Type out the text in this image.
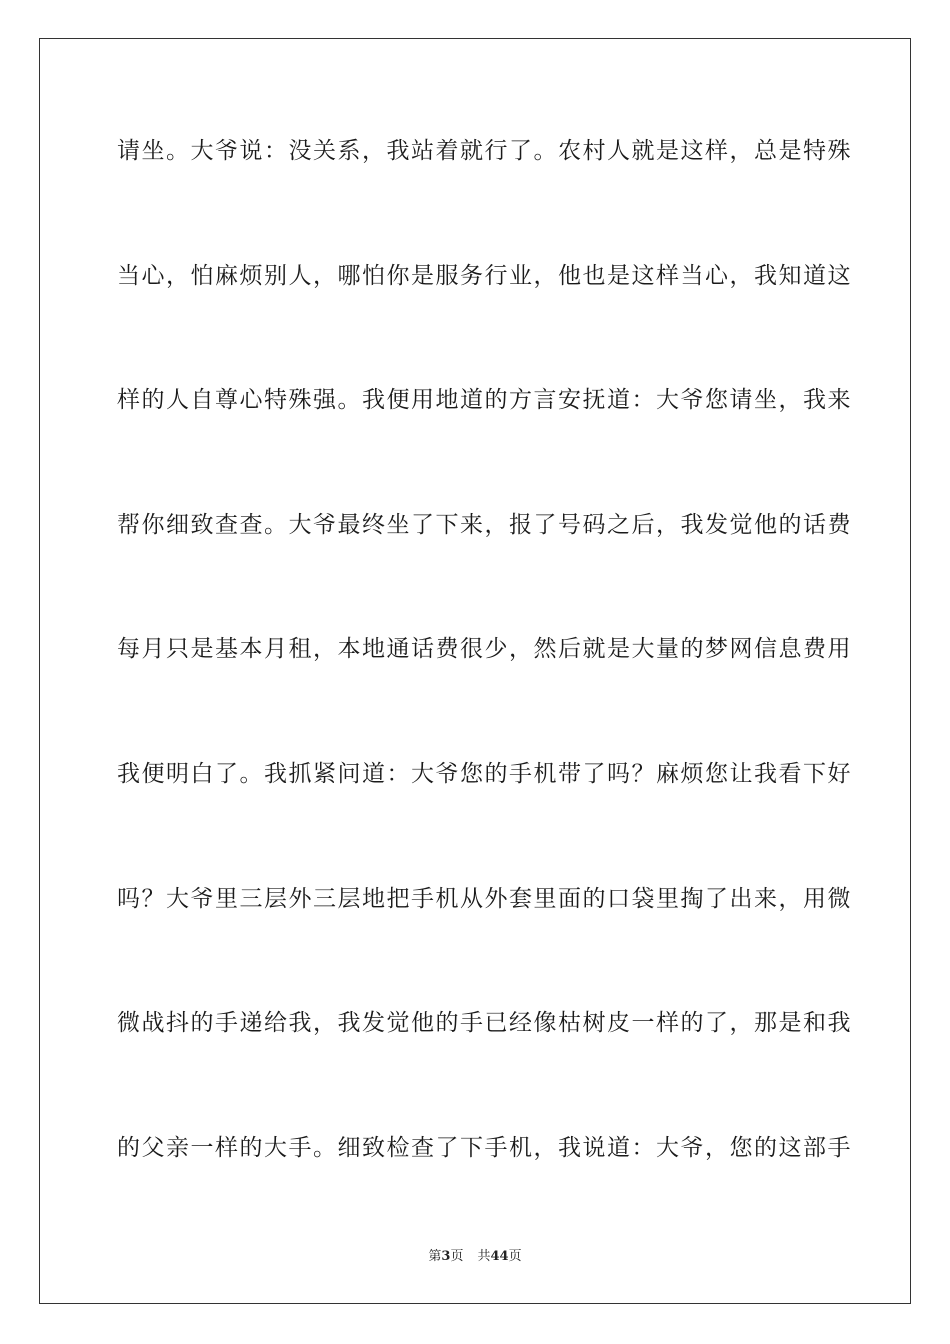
请坐。大爷说：没关系，我站着就行了。农村人就是这样，总是特殊
当心，怕麻烦别人，哪怕你是服务行业，他也是这样当心，我知道这
样的人自尊心特殊强。我便用地道的方言安抚道：大爷您请坐，我来
帮你细致查查。大爷最终坐了下来，报了号码之后，我发觉他的话费
每月只是基本月租，本地通话费很少，然后就是大量的梦网信息费用
我便明白了。我抓紧问道：大爷您的手机带了吗？麻烦您让我看下好
吗？大爷里三层外三层地把手机从外套里面的口袋里掏了出来，用微
微战抖的手递给我，我发觉他的手已经像枯树皮一样的了，那是和我
的父亲一样的大手。细致检查了下手机，我说道：大爷，您的这部手
第3页 共44页
